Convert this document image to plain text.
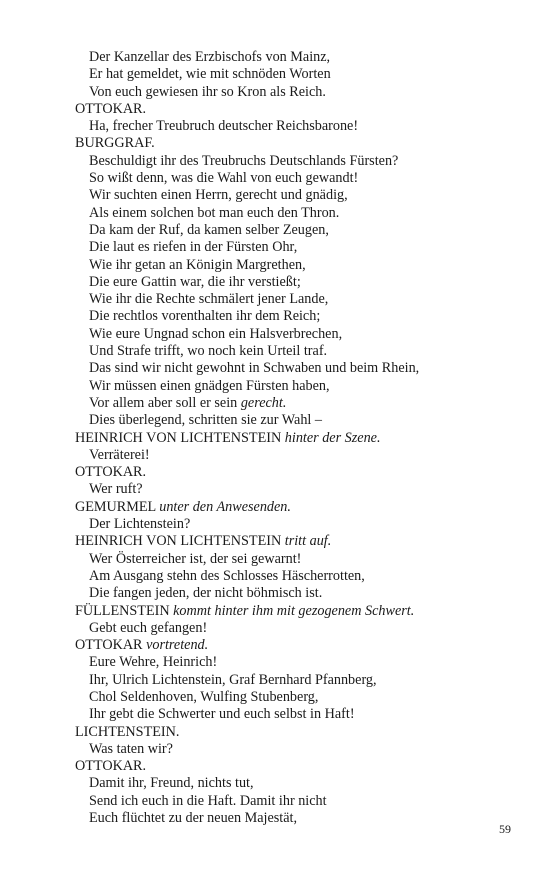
Der Kanzellar des Erzbischofs von Mainz,
Er hat gemeldet, wie mit schnöden Worten
Von euch gewiesen ihr so Kron als Reich.
OTTOKAR.
Ha, frecher Treubruch deutscher Reichsbarone!
BURGGRAF.
Beschuldigt ihr des Treubruchs Deutschlands Fürsten?
So wißt denn, was die Wahl von euch gewandt!
Wir suchten einen Herrn, gerecht und gnädig,
Als einem solchen bot man euch den Thron.
Da kam der Ruf, da kamen selber Zeugen,
Die laut es riefen in der Fürsten Ohr,
Wie ihr getan an Königin Margrethen,
Die eure Gattin war, die ihr verstießt;
Wie ihr die Rechte schmälert jener Lande,
Die rechtlos vorenthalten ihr dem Reich;
Wie eure Ungnad schon ein Halsverbrechen,
Und Strafe trifft, wo noch kein Urteil traf.
Das sind wir nicht gewohnt in Schwaben und beim Rhein,
Wir müssen einen gnädgen Fürsten haben,
Vor allem aber soll er sein gerecht.
Dies überlegend, schritten sie zur Wahl –
HEINRICH VON LICHTENSTEIN hinter der Szene.
Verräterei!
OTTOKAR.
Wer ruft?
GEMURMEL unter den Anwesenden.
Der Lichtenstein?
HEINRICH VON LICHTENSTEIN tritt auf.
Wer Österreicher ist, der sei gewarnt!
Am Ausgang stehn des Schlosses Häscherrotten,
Die fangen jeden, der nicht böhmisch ist.
FÜLLENSTEIN kommt hinter ihm mit gezogenem Schwert.
Gebt euch gefangen!
OTTOKAR vortretend.
Eure Wehre, Heinrich!
Ihr, Ulrich Lichtenstein, Graf Bernhard Pfannberg,
Chol Seldenhoven, Wulfing Stubenberg,
Ihr gebt die Schwerter und euch selbst in Haft!
LICHTENSTEIN.
Was taten wir?
OTTOKAR.
Damit ihr, Freund, nichts tut,
Send ich euch in die Haft. Damit ihr nicht
Euch flüchtet zu der neuen Majestät,
59
